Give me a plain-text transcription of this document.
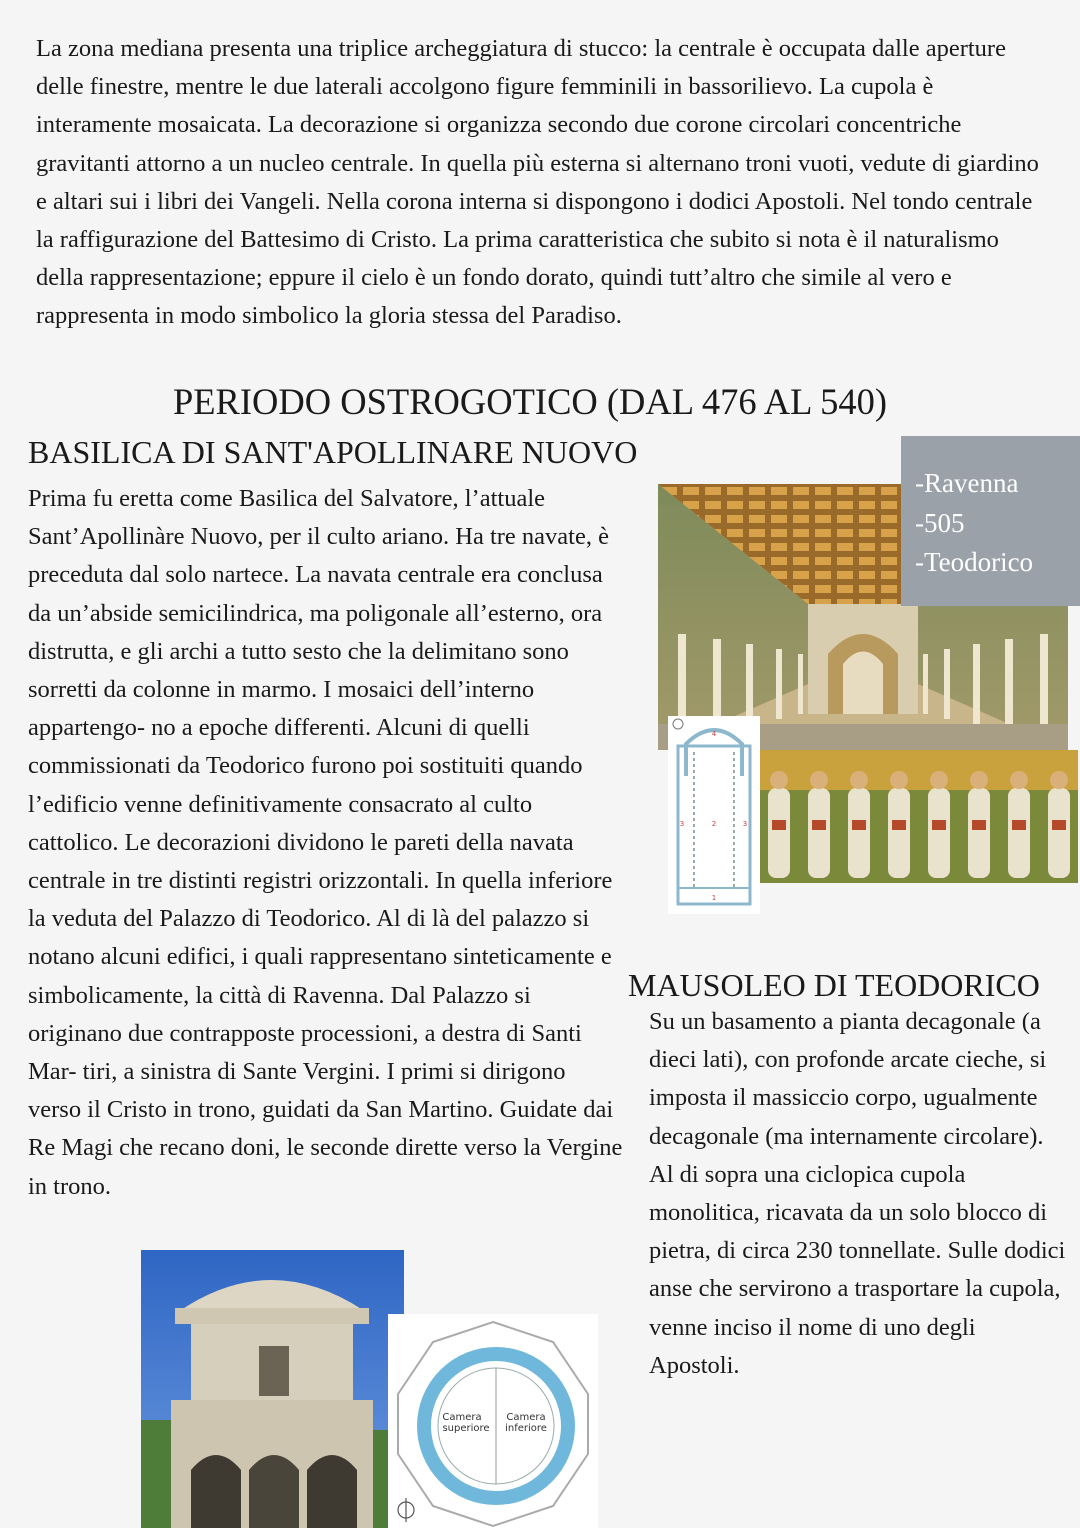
La zona mediana presenta una triplice archeggiatura di stucco: la centrale è occupata dalle aperture delle finestre, mentre le due laterali accolgono figure femminili in bassorilievo. La cupola è interamente mosaicata. La decorazione si organizza secondo due corone circolari concentriche gravitanti attorno a un nucleo centrale. In quella più esterna si alternano troni vuoti, vedute di giardino e altari sui i libri dei Vangeli. Nella corona interna si dispongono i dodici Apostoli. Nel tondo centrale la raffigurazione del Battesimo di Cristo. La prima caratteristica che subito si nota è il naturalismo della rappresentazione; eppure il cielo è un fondo dorato, quindi tutt’altro che simile al vero e rappresenta in modo simbolico la gloria stessa del Paradiso.

PERIODO OSTROGOTICO (DAL 476 AL 540)
BASILICA DI SANT'APOLLINARE NUOVO

Prima fu eretta come Basilica del Salvatore, l’attuale Sant’Apollinàre Nuovo, per il culto ariano. Ha tre navate, è preceduta dal solo nartece. La navata centrale era conclusa da un’abside semicilindrica, ma poligonale all’esterno, ora distrutta, e gli archi a tutto sesto che la delimitano sono sorretti da colonne in marmo. I mosaici dell’interno appartengo- no a epoche differenti. Alcuni di quelli commissionati da Teodorico furono poi sostituiti quando l’edificio venne definitivamente consacrato al culto cattolico. Le decorazioni dividono le pareti della navata centrale in tre distinti registri orizzontali. In quella inferiore la veduta del Palazzo di Teodorico. Al di là del palazzo si notano alcuni edifici, i quali rappresentano sinteticamente e simbolicamente, la città di Ravenna. Dal Palazzo si originano due contrapposte processioni, a destra di Santi Mar- tiri, a sinistra di Sante Vergini. I primi si dirigono verso il Cristo in trono, guidati da San Martino. Guidate dai Re Magi che recano doni, le seconde dirette verso la Vergine in trono.

-Ravenna
-505
-Teodorico
4
3	2	3
1
MAUSOLEO DI TEODORICO

Su un basamento a pianta decagonale (a dieci lati), con profonde arcate cieche, si imposta il massiccio corpo, ugualmente decagonale (ma internamente circolare). Al di sopra una ciclopica cupola monolitica, ricavata da un solo blocco di pietra, di circa 230 tonnellate. Sulle dodici anse che servirono a trasportare la cupola, venne inciso il nome di uno degli Apostoli.

Camera
superiore
Camera
inferiore
